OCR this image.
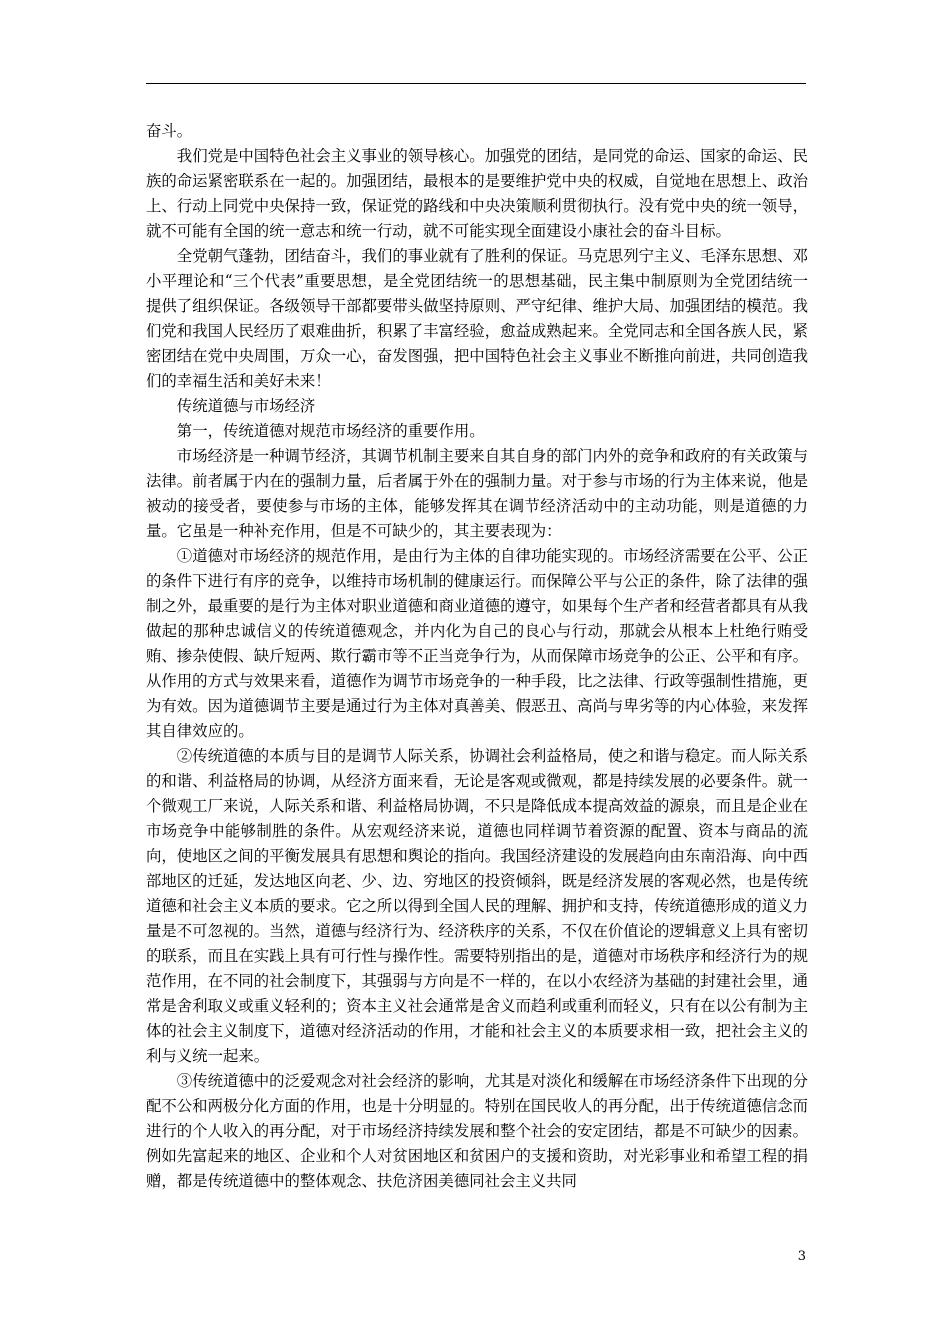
奋斗。

我们党是中国特色社会主义事业的领导核心。加强党的团结，是同党的命运、国家的命运、民族的命运紧密联系在一起的。加强团结，最根本的是要维护党中央的权威，自觉地在思想上、政治上、行动上同党中央保持一致，保证党的路线和中央决策顺利贯彻执行。没有党中央的统一领导，就不可能有全国的统一意志和统一行动，就不可能实现全面建设小康社会的奋斗目标。

全党朝气蓬勃，团结奋斗，我们的事业就有了胜利的保证。马克思列宁主义、毛泽东思想、邓小平理论和“三个代表”重要思想，是全党团结统一的思想基础，民主集中制原则为全党团结统一提供了组织保证。各级领导干部都要带头做坚持原则、严守纪律、维护大局、加强团结的模范。我们党和我国人民经历了艰难曲折，积累了丰富经验，愈益成熟起来。全党同志和全国各族人民，紧密团结在党中央周围，万众一心，奋发图强，把中国特色社会主义事业不断推向前进，共同创造我们的幸福生活和美好未来！

传统道德与市场经济

第一，传统道德对规范市场经济的重要作用。

市场经济是一种调节经济，其调节机制主要来自其自身的部门内外的竞争和政府的有关政策与法律。前者属于内在的强制力量，后者属于外在的强制力量。对于参与市场的行为主体来说，他是被动的接受者，要使参与市场的主体，能够发挥其在调节经济活动中的主动功能，则是道德的力量。它虽是一种补充作用，但是不可缺少的，其主要表现为：

①道德对市场经济的规范作用，是由行为主体的自律功能实现的。市场经济需要在公平、公正的条件下进行有序的竞争，以维持市场机制的健康运行。而保障公平与公正的条件，除了法律的强制之外，最重要的是行为主体对职业道德和商业道德的遵守，如果每个生产者和经营者都具有从我做起的那种忠诚信义的传统道德观念，并内化为自己的良心与行动，那就会从根本上杜绝行贿受贿、掺杂使假、缺斤短两、欺行霸市等不正当竞争行为，从而保障市场竞争的公正、公平和有序。从作用的方式与效果来看，道德作为调节市场竞争的一种手段，比之法律、行政等强制性措施，更为有效。因为道德调节主要是通过行为主体对真善美、假恶丑、高尚与卑劣等的内心体验，来发挥其自律效应的。

②传统道德的本质与目的是调节人际关系，协调社会利益格局，使之和谐与稳定。而人际关系的和谐、利益格局的协调，从经济方面来看，无论是客观或微观，都是持续发展的必要条件。就一个微观工厂来说，人际关系和谐、利益格局协调，不只是降低成本提高效益的源泉，而且是企业在市场竞争中能够制胜的条件。从宏观经济来说，道德也同样调节着资源的配置、资本与商品的流向，使地区之间的平衡发展具有思想和舆论的指向。我国经济建设的发展趋向由东南沿海、向中西部地区的迁延，发达地区向老、少、边、穷地区的投资倾斜，既是经济发展的客观必然，也是传统道德和社会主义本质的要求。它之所以得到全国人民的理解、拥护和支持，传统道德形成的道义力量是不可忽视的。当然，道德与经济行为、经济秩序的关系，不仅在价值论的逻辑意义上具有密切的联系，而且在实践上具有可行性与操作性。需要特别指出的是，道德对市场秩序和经济行为的规范作用，在不同的社会制度下，其强弱与方向是不一样的，在以小农经济为基础的封建社会里，通常是舍利取义或重义轻利的；资本主义社会通常是舍义而趋利或重利而轻义，只有在以公有制为主体的社会主义制度下，道德对经济活动的作用，才能和社会主义的本质要求相一致，把社会主义的利与义统一起来。

③传统道德中的泛爱观念对社会经济的影响，尤其是对淡化和缓解在市场经济条件下出现的分配不公和两极分化方面的作用，也是十分明显的。特别在国民收人的再分配，出于传统道德信念而进行的个人收入的再分配，对于市场经济持续发展和整个社会的安定团结，都是不可缺少的因素。例如先富起来的地区、企业和个人对贫困地区和贫困户的支援和资助，对光彩事业和希望工程的捐赠，都是传统道德中的整体观念、扶危济困美德同社会主义共同

3
